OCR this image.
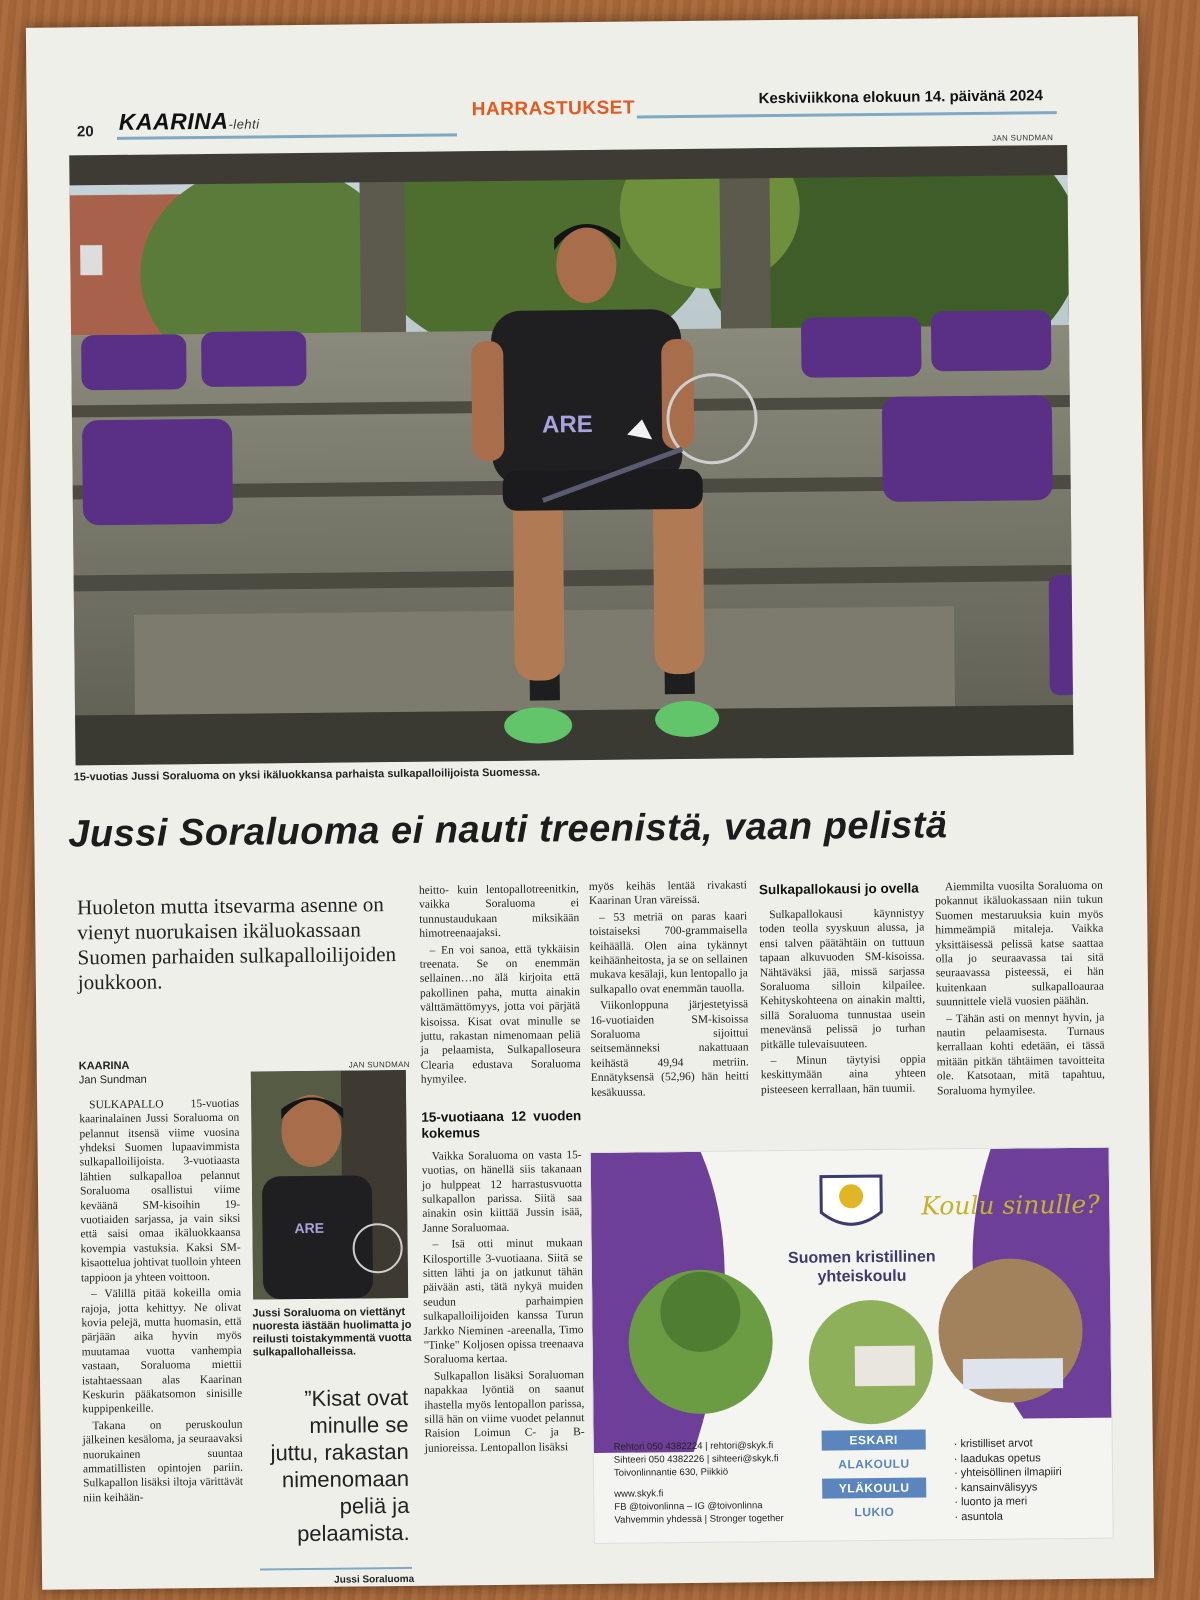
20 KAARINA-lehti
HARRASTUKSET
Keskiviikkona elokuun 14. päivänä 2024
JAN SUNDMAN
ARE
15-vuotias Jussi Soraluoma on yksi ikäluokkansa parhaista sulkapalloilijoista Suomessa.
Jussi Soraluoma ei nauti treenistä, vaan pelistä
Huoleton mutta itsevarma asenne on vienyt nuorukaisen ikäluokassaan Suomen parhaiden sulkapalloilijoiden joukkoon.
KAARINA
Jan Sundman

SULKAPALLO 15-vuotias kaarinalainen Jussi Soraluoma on pelannut itsensä viime vuosina yhdeksi Suomen lupaavimmista sulkapalloilijoista. 3-vuotiaasta lähtien sulkapalloa pelannut Soraluoma osallistui viime keväänä SM-kisoihin 19-vuotiaiden sarjassa, ja vain siksi että saisi omaa ikäluokkaansa kovempia vastuksia. Kaksi SM-kisaottelua johtivat tuolloin yhteen tappioon ja yhteen voittoon.

– Välillä pitää kokeilla omia rajoja, jotta kehittyy. Ne olivat kovia pelejä, mutta huomasin, että pärjään aika hyvin myös muutamaa vuotta vanhempia vastaan, Soraluoma miettii istahtaessaan alas Kaarinan Keskurin pääkatsomon sinisille kuppipenkeille.

Takana on peruskoulun jälkeinen kesäloma, ja seuraavaksi nuorukainen suuntaa ammatillisten opintojen pariin. Sulkapallon lisäksi iltoja värittävät niin keihään-

JAN SUNDMAN
ARE
Jussi Soraluoma on viettänyt nuoresta iästään huolimatta jo reilusti toistakymmentä vuotta sulkapallohalleissa.
”Kisat ovat minulle se juttu, rakastan nimenomaan peliä ja pelaamista.
Jussi Soraluoma

heitto- kuin lentopallotreenitkin, vaikka Soraluoma ei tunnustaudukaan miksikään himotreenaajaksi.

– En voi sanoa, että tykkäisin treenata. Se on enemmän sellainen…no älä kirjoita että pakollinen paha, mutta ainakin välttämättömyys, jotta voi pärjätä kisoissa. Kisat ovat minulle se juttu, rakastan nimenomaan peliä ja pelaamista, Sulkapalloseura Clearia edustava Soraluoma hymyilee.

15-vuotiaana 12 vuoden kokemus

Vaikka Soraluoma on vasta 15-vuotias, on hänellä siis takanaan jo hulppeat 12 harrastusvuotta sulkapallon parissa. Siitä saa ainakin osin kiittää Jussin isää, Janne Soraluomaa.

– Isä otti minut mukaan Kilosportille 3-vuotiaana. Siitä se sitten lähti ja on jatkunut tähän päivään asti, tätä nykyä muiden seudun parhaimpien sulkapalloilijoiden kanssa Turun Jarkko Nieminen -areenalla, Timo "Tinke" Koljosen opissa treenaava Soraluoma kertaa.

Sulkapallon lisäksi Soraluoman napakkaa lyöntiä on saanut ihastella myös lentopallon parissa, sillä hän on viime vuodet pelannut Raision Loimun C- ja B-junioreissa. Lentopallon lisäksi

myös keihäs lentää rivakasti Kaarinan Uran väreissä.

– 53 metriä on paras kaari toistaiseksi 700-grammaisella keihäällä. Olen aina tykännyt keihäänheitosta, ja se on sellainen mukava kesälaji, kun lentopallo ja sulkapallo ovat enemmän tauolla.

Viikonloppuna järjestetyissä 16-vuotiaiden SM-kisoissa Soraluoma sijoittui seitsemänneksi nakattuaan keihästä 49,94 metriin. Ennätyksensä (52,96) hän heitti kesäkuussa.

Sulkapallokausi jo ovella

Sulkapallokausi käynnistyy toden teolla syyskuun alussa, ja ensi talven päätähtäin on tuttuun tapaan alkuvuoden SM-kisoissa. Nähtäväksi jää, missä sarjassa Soraluoma silloin kilpailee. Kehityskohteena on ainakin maltti, sillä Soraluoma tunnustaa usein menevänsä pelissä jo turhan pitkälle tulevaisuuteen.

– Minun täytyisi oppia keskittymään aina yhteen pisteeseen kerrallaan, hän tuumii.

Aiemmilta vuosilta Soraluoma on pokannut ikäluokassaan niin tukun Suomen mestaruuksia kuin myös himmeämpiä mitaleja. Vaikka yksittäisessä pelissä katse saattaa olla jo seuraavassa tai sitä seuraavassa pisteessä, ei hän kuitenkaan sulkapalloauraa suunnittele vielä vuosien päähän.

– Tähän asti on mennyt hyvin, ja nautin pelaamisesta. Turnaus kerrallaan kohti edetään, ei tässä mitään pitkän tähtäimen tavoitteita ole. Katsotaan, mitä tapahtuu, Soraluoma hymyilee.

Koulu sinulle?
Suomen kristillinen
yhteiskoulu
Rehtori 050 4382224 | rehtori@skyk.fi
Sihteeri 050 4382226 | sihteeri@skyk.fi
Toivonlinnantie 630, Piikkiö
www.skyk.fi
FB @toivonlinna – IG @toivonlinna
Vahvemmin yhdessä | Stronger together
ESKARI
ALAKOULU
YLÄKOULU
LUKIO
· kristilliset arvot
· laadukas opetus
· yhteisöllinen ilmapiiri
· kansainvälisyys
· luonto ja meri
· asuntola
